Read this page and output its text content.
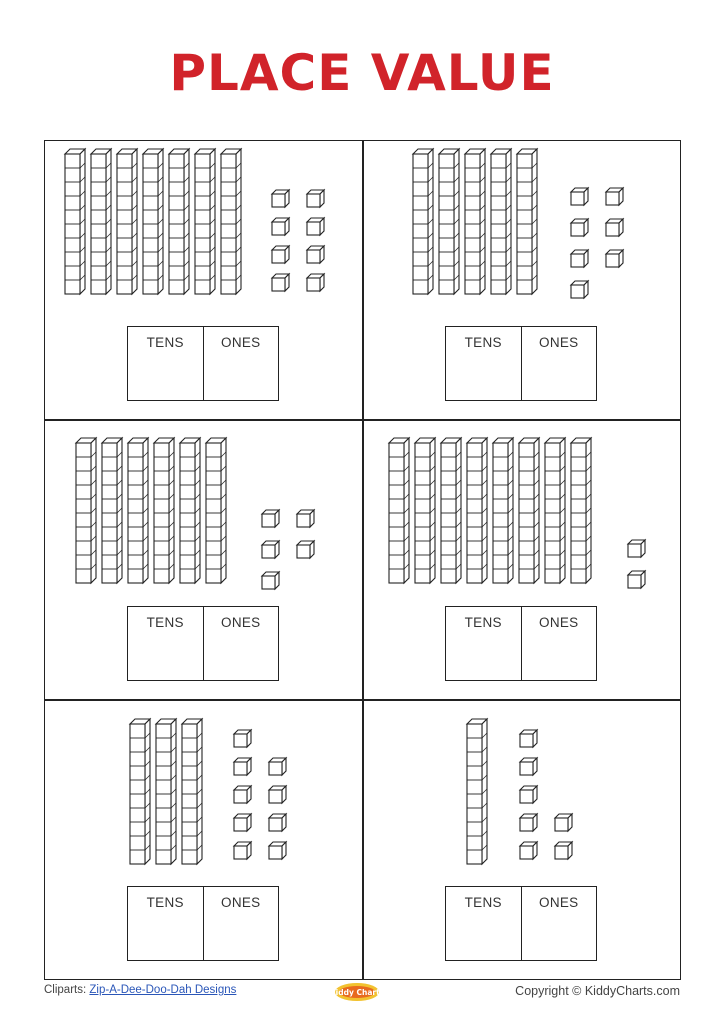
PLACE VALUE
TENS	ONES	TENS	ONES
TENS	ONES	TENS	ONES
TENS	ONES	TENS	ONES
Cliparts: Zip-A-Dee-Doo-Dah Designs	Kiddy Charts	Copyright © KiddyCharts.com
